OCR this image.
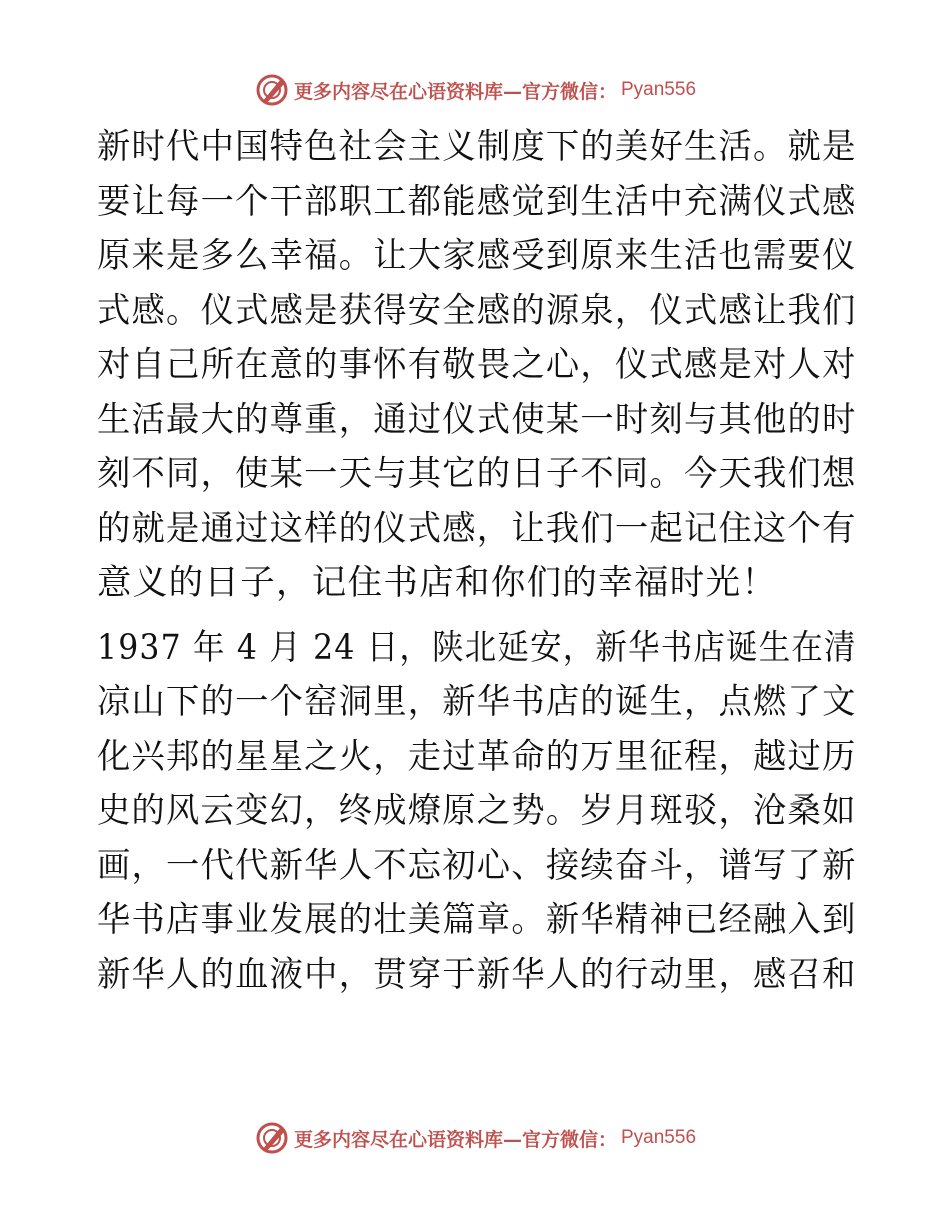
更多内容尽在心语资料库—官方微信： Pyan556

新时代中国特色社会主义制度下的美好生活。就是
要让每一个干部职工都能感觉到生活中充满仪式感
原来是多么幸福。让大家感受到原来生活也需要仪
式感。仪式感是获得安全感的源泉，仪式感让我们
对自己所在意的事怀有敬畏之心，仪式感是对人对
生活最大的尊重，通过仪式使某一时刻与其他的时
刻不同，使某一天与其它的日子不同。今天我们想
的就是通过这样的仪式感，让我们一起记住这个有
意义的日子，记住书店和你们的幸福时光！

1937 年 4 月 24 日，陕北延安，新华书店诞生在清
凉山下的一个窑洞里，新华书店的诞生，点燃了文
化兴邦的星星之火，走过革命的万里征程，越过历
史的风云变幻，终成燎原之势。岁月斑驳，沧桑如
画，一代代新华人不忘初心、接续奋斗，谱写了新
华书店事业发展的壮美篇章。新华精神已经融入到
新华人的血液中，贯穿于新华人的行动里，感召和

更多内容尽在心语资料库—官方微信： Pyan556
